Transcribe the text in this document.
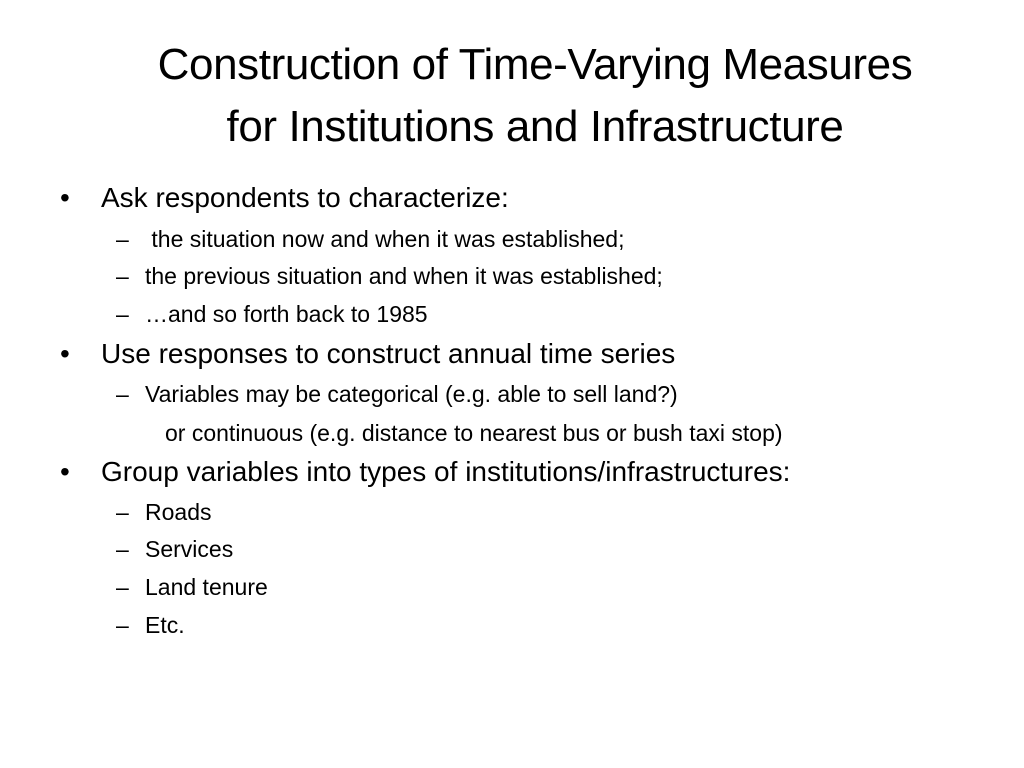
Construction of Time-Varying Measures
for Institutions and Infrastructure
• Ask respondents to characterize:
– the situation now and when it was established;
– the previous situation and when it was established;
– …and so forth back to 1985
• Use responses to construct annual time series
– Variables may be categorical (e.g. able to sell land?)
or continuous (e.g. distance to nearest bus or bush taxi stop)
• Group variables into types of institutions/infrastructures:
– Roads
– Services
– Land tenure
– Etc.
